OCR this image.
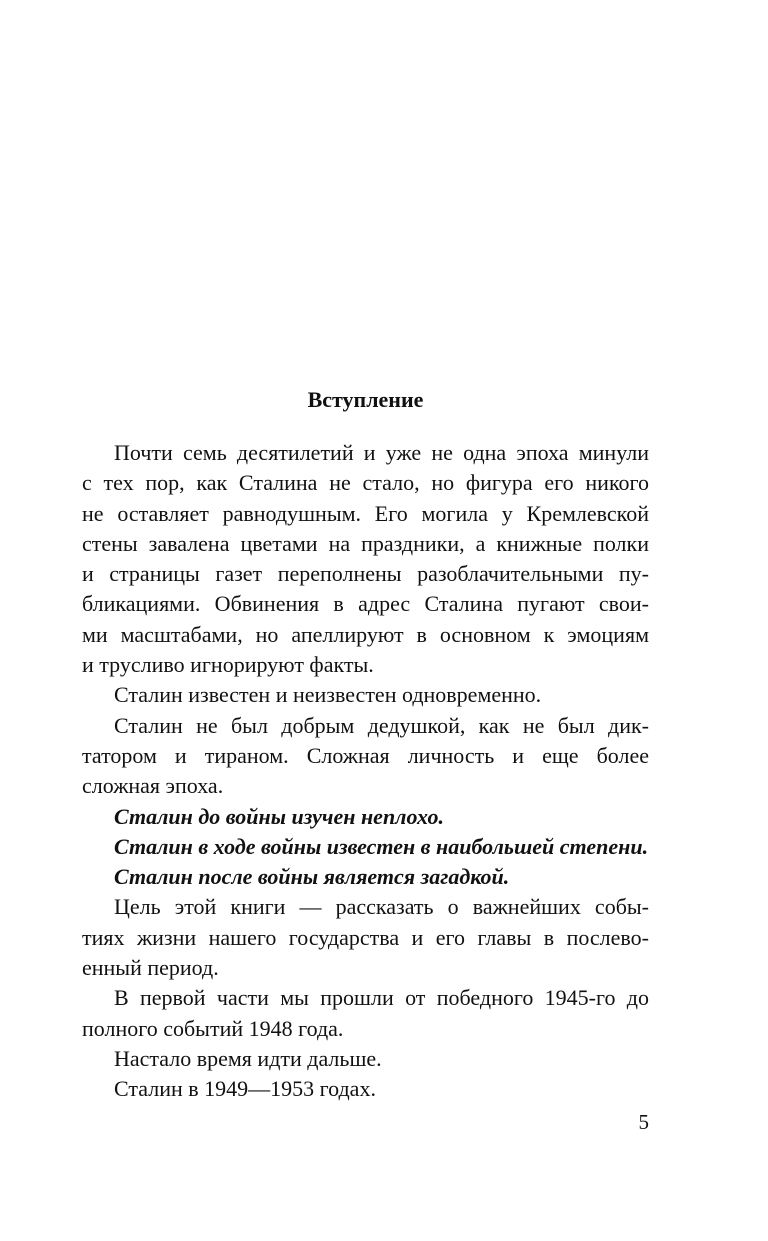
Вступление
Почти семь десятилетий и уже не одна эпоха минули
с тех пор, как Сталина не стало, но фигура его никого
не оставляет равнодушным. Его могила у Кремлевской
стены завалена цветами на праздники, а книжные полки
и страницы газет переполнены разоблачительными пу-
бликациями. Обвинения в адрес Сталина пугают свои-
ми масштабами, но апеллируют в основном к эмоциям
и трусливо игнорируют факты.
Сталин известен и неизвестен одновременно.
Сталин не был добрым дедушкой, как не был дик-
татором и тираном. Сложная личность и еще более
сложная эпоха.
Сталин до войны изучен неплохо.
Сталин в ходе войны известен в наибольшей степени.
Сталин после войны является загадкой.
Цель этой книги — рассказать о важнейших собы-
тиях жизни нашего государства и его главы в послево-
енный период.
В первой части мы прошли от победного 1945-го до
полного событий 1948 года.
Настало время идти дальше.
Сталин в 1949—1953 годах.
5
